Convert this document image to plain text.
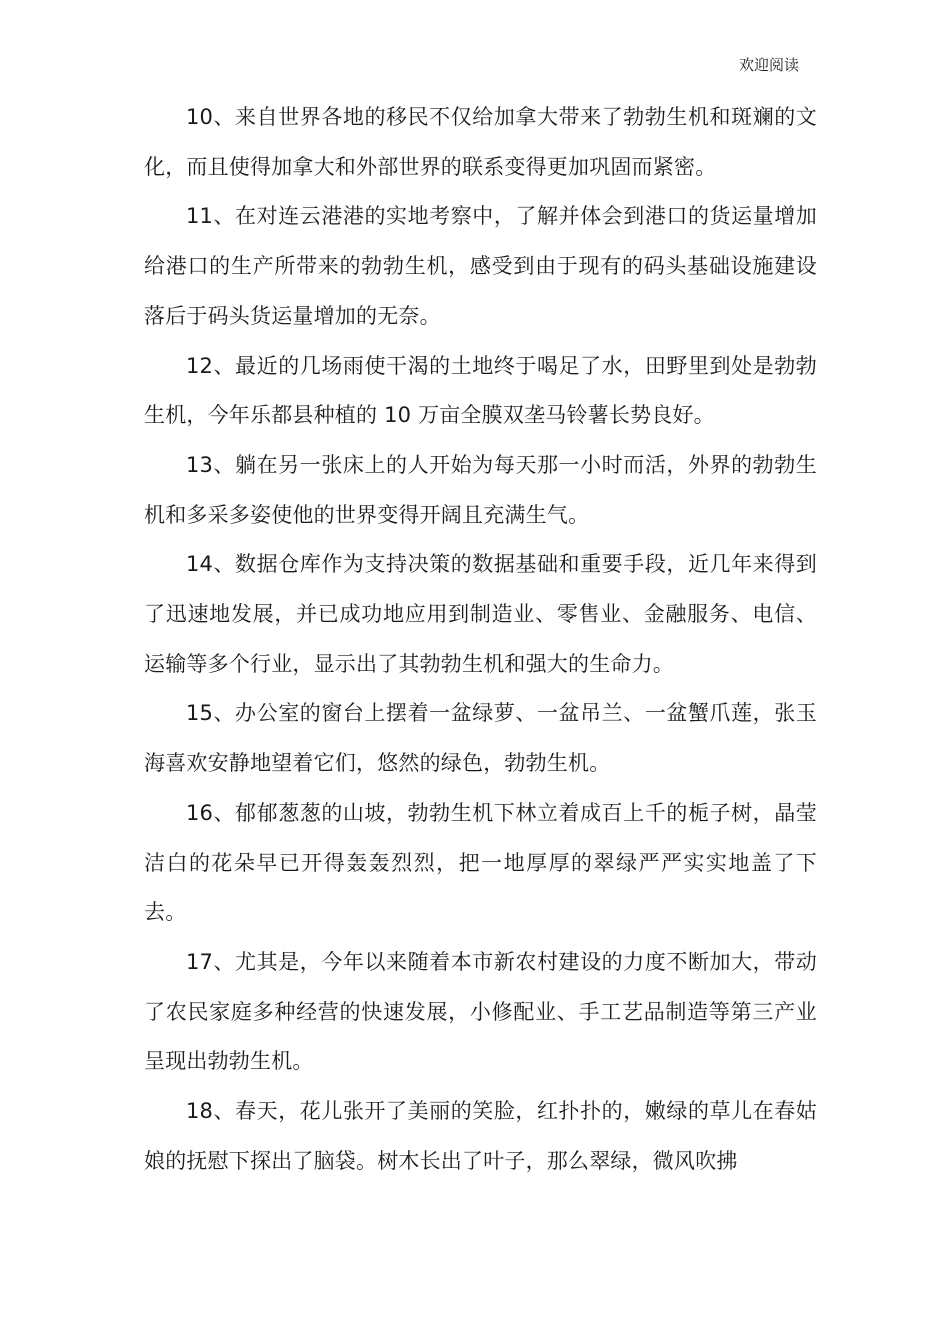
欢迎阅读

10、来自世界各地的移民不仅给加拿大带来了勃勃生机和斑斓的文化，而且使得加拿大和外部世界的联系变得更加巩固而紧密。

11、在对连云港港的实地考察中，了解并体会到港口的货运量增加给港口的生产所带来的勃勃生机，感受到由于现有的码头基础设施建设落后于码头货运量增加的无奈。

12、最近的几场雨使干渴的土地终于喝足了水，田野里到处是勃勃生机，今年乐都县种植的 10 万亩全膜双垄马铃薯长势良好。

13、躺在另一张床上的人开始为每天那一小时而活，外界的勃勃生机和多采多姿使他的世界变得开阔且充满生气。

14、数据仓库作为支持决策的数据基础和重要手段，近几年来得到了迅速地发展，并已成功地应用到制造业、零售业、金融服务、电信、运输等多个行业，显示出了其勃勃生机和强大的生命力。

15、办公室的窗台上摆着一盆绿萝、一盆吊兰、一盆蟹爪莲，张玉海喜欢安静地望着它们，悠然的绿色，勃勃生机。

16、郁郁葱葱的山坡，勃勃生机下林立着成百上千的栀子树，晶莹洁白的花朵早已开得轰轰烈烈，把一地厚厚的翠绿严严实实地盖了下去。

17、尤其是，今年以来随着本市新农村建设的力度不断加大，带动了农民家庭多种经营的快速发展，小修配业、手工艺品制造等第三产业呈现出勃勃生机。

18、春天，花儿张开了美丽的笑脸，红扑扑的，嫩绿的草儿在春姑娘的抚慰下探出了脑袋。树木长出了叶子，那么翠绿，微风吹拂
